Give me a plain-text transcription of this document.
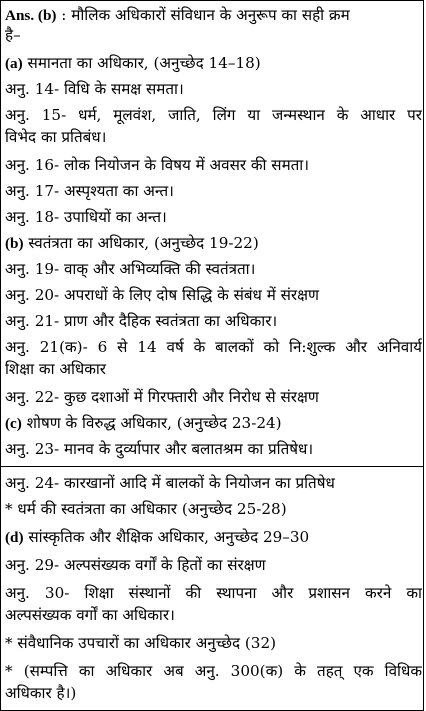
Ans. (b) : मौलिक अधिकारों संविधान के अनुरूप का सही क्रम
है–
(a) समानता का अधिकार, (अनुच्छेद 14–18)
अनु. 14- विधि के समक्ष समता।
अनु. 15- धर्म, मूलवंश, जाति, लिंग या जन्मस्थान के आधार पर
विभेद का प्रतिबंध।
अनु. 16- लोक नियोजन के विषय में अवसर की समता।
अनु. 17- अस्पृश्यता का अन्त।
अनु. 18- उपाधियों का अन्त।
(b) स्वतंत्रता का अधिकार, (अनुच्छेद 19-22)
अनु. 19- वाक् और अभिव्यक्ति की स्वतंत्रता।
अनु. 20- अपराधों के लिए दोष सिद्धि के संबंध में संरक्षण
अनु. 21- प्राण और दैहिक स्वतंत्रता का अधिकार।
अनु. 21(क)- 6 से 14 वर्ष के बालकों को नि:शुल्क और अनिवार्य
शिक्षा का अधिकार
अनु. 22- कुछ दशाओं में गिरफ्तारी और निरोध से संरक्षण
(c) शोषण के विरुद्ध अधिकार, (अनुच्छेद 23-24)
अनु. 23- मानव के दुर्व्यापार और बलातश्रम का प्रतिषेध।
अनु. 24- कारखानों आदि में बालकों के नियोजन का प्रतिषेध
* धर्म की स्वतंत्रता का अधिकार (अनुच्छेद 25-28)
(d) सांस्कृतिक और शैक्षिक अधिकार, अनुच्छेद 29–30
अनु. 29- अल्पसंख्यक वर्गों के हितों का संरक्षण
अनु. 30- शिक्षा संस्थानों की स्थापना और प्रशासन करने का
अल्पसंख्यक वर्गों का अधिकार।
* संवैधानिक उपचारों का अधिकार अनुच्छेद (32)
* (सम्पत्ति का अधिकार अब अनु. 300(क) के तहत् एक विधिक
अधिकार है।)
